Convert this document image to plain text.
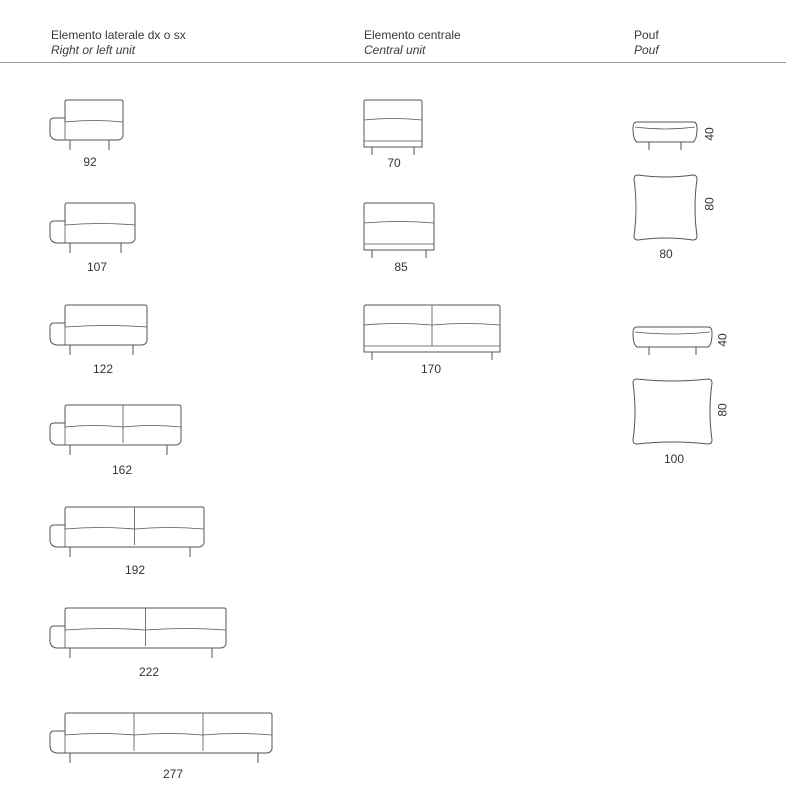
Elemento laterale dx o sx
Right or left unit
Elemento centrale
Central unit
Pouf
Pouf
92
107
122
162
192
222
277
70
85
170
40
80
80
40
80
100
